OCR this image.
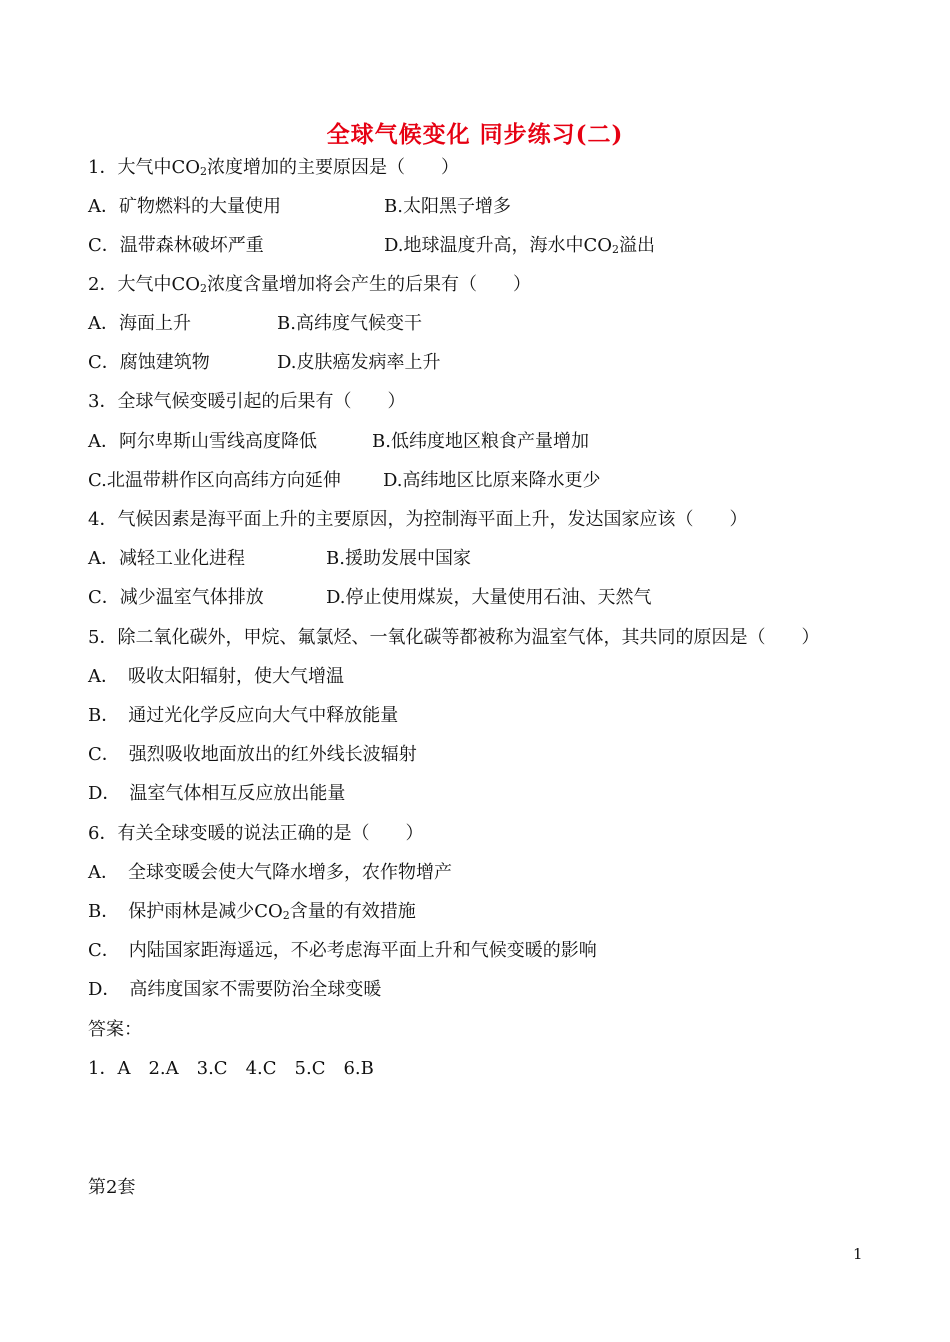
全球气候变化 同步练习(二)
1．大气中$CO_2$浓度增加的主要原因是（　　）
A．矿物燃料的大量使用	B.太阳黑子增多
C．温带森林破坏严重	D.地球温度升高，海水中$CO_2$溢出
2．大气中$CO_2$浓度含量增加将会产生的后果有（　　）
A．海面上升	B.高纬度气候变干
C．腐蚀建筑物	D.皮肤癌发病率上升
3．全球气候变暖引起的后果有（　　）
A．阿尔卑斯山雪线高度降低	B.低纬度地区粮食产量增加
C.北温带耕作区向高纬方向延伸 D.高纬地区比原来降水更少
4．气候因素是海平面上升的主要原因，为控制海平面上升，发达国家应该（　　）
A．减轻工业化进程	B.援助发展中国家
C．减少温室气体排放	D.停止使用煤炭，大量使用石油、天然气
5．除二氧化碳外，甲烷、氟氯烃、一氧化碳等都被称为温室气体，其共同的原因是（　　）
A．　吸收太阳辐射，使大气增温
B．　通过光化学反应向大气中释放能量
C．　强烈吸收地面放出的红外线长波辐射
D．　温室气体相互反应放出能量
6．有关全球变暖的说法正确的是（　　）
A．　全球变暖会使大气降水增多，农作物增产
B．　保护雨林是减少$CO_2$含量的有效措施
C．　内陆国家距海遥远，不必考虑海平面上升和气候变暖的影响
D．　高纬度国家不需要防治全球变暖
答案：
1．A　2.A　3.C　4.C　5.C　6.B
第2套
1
